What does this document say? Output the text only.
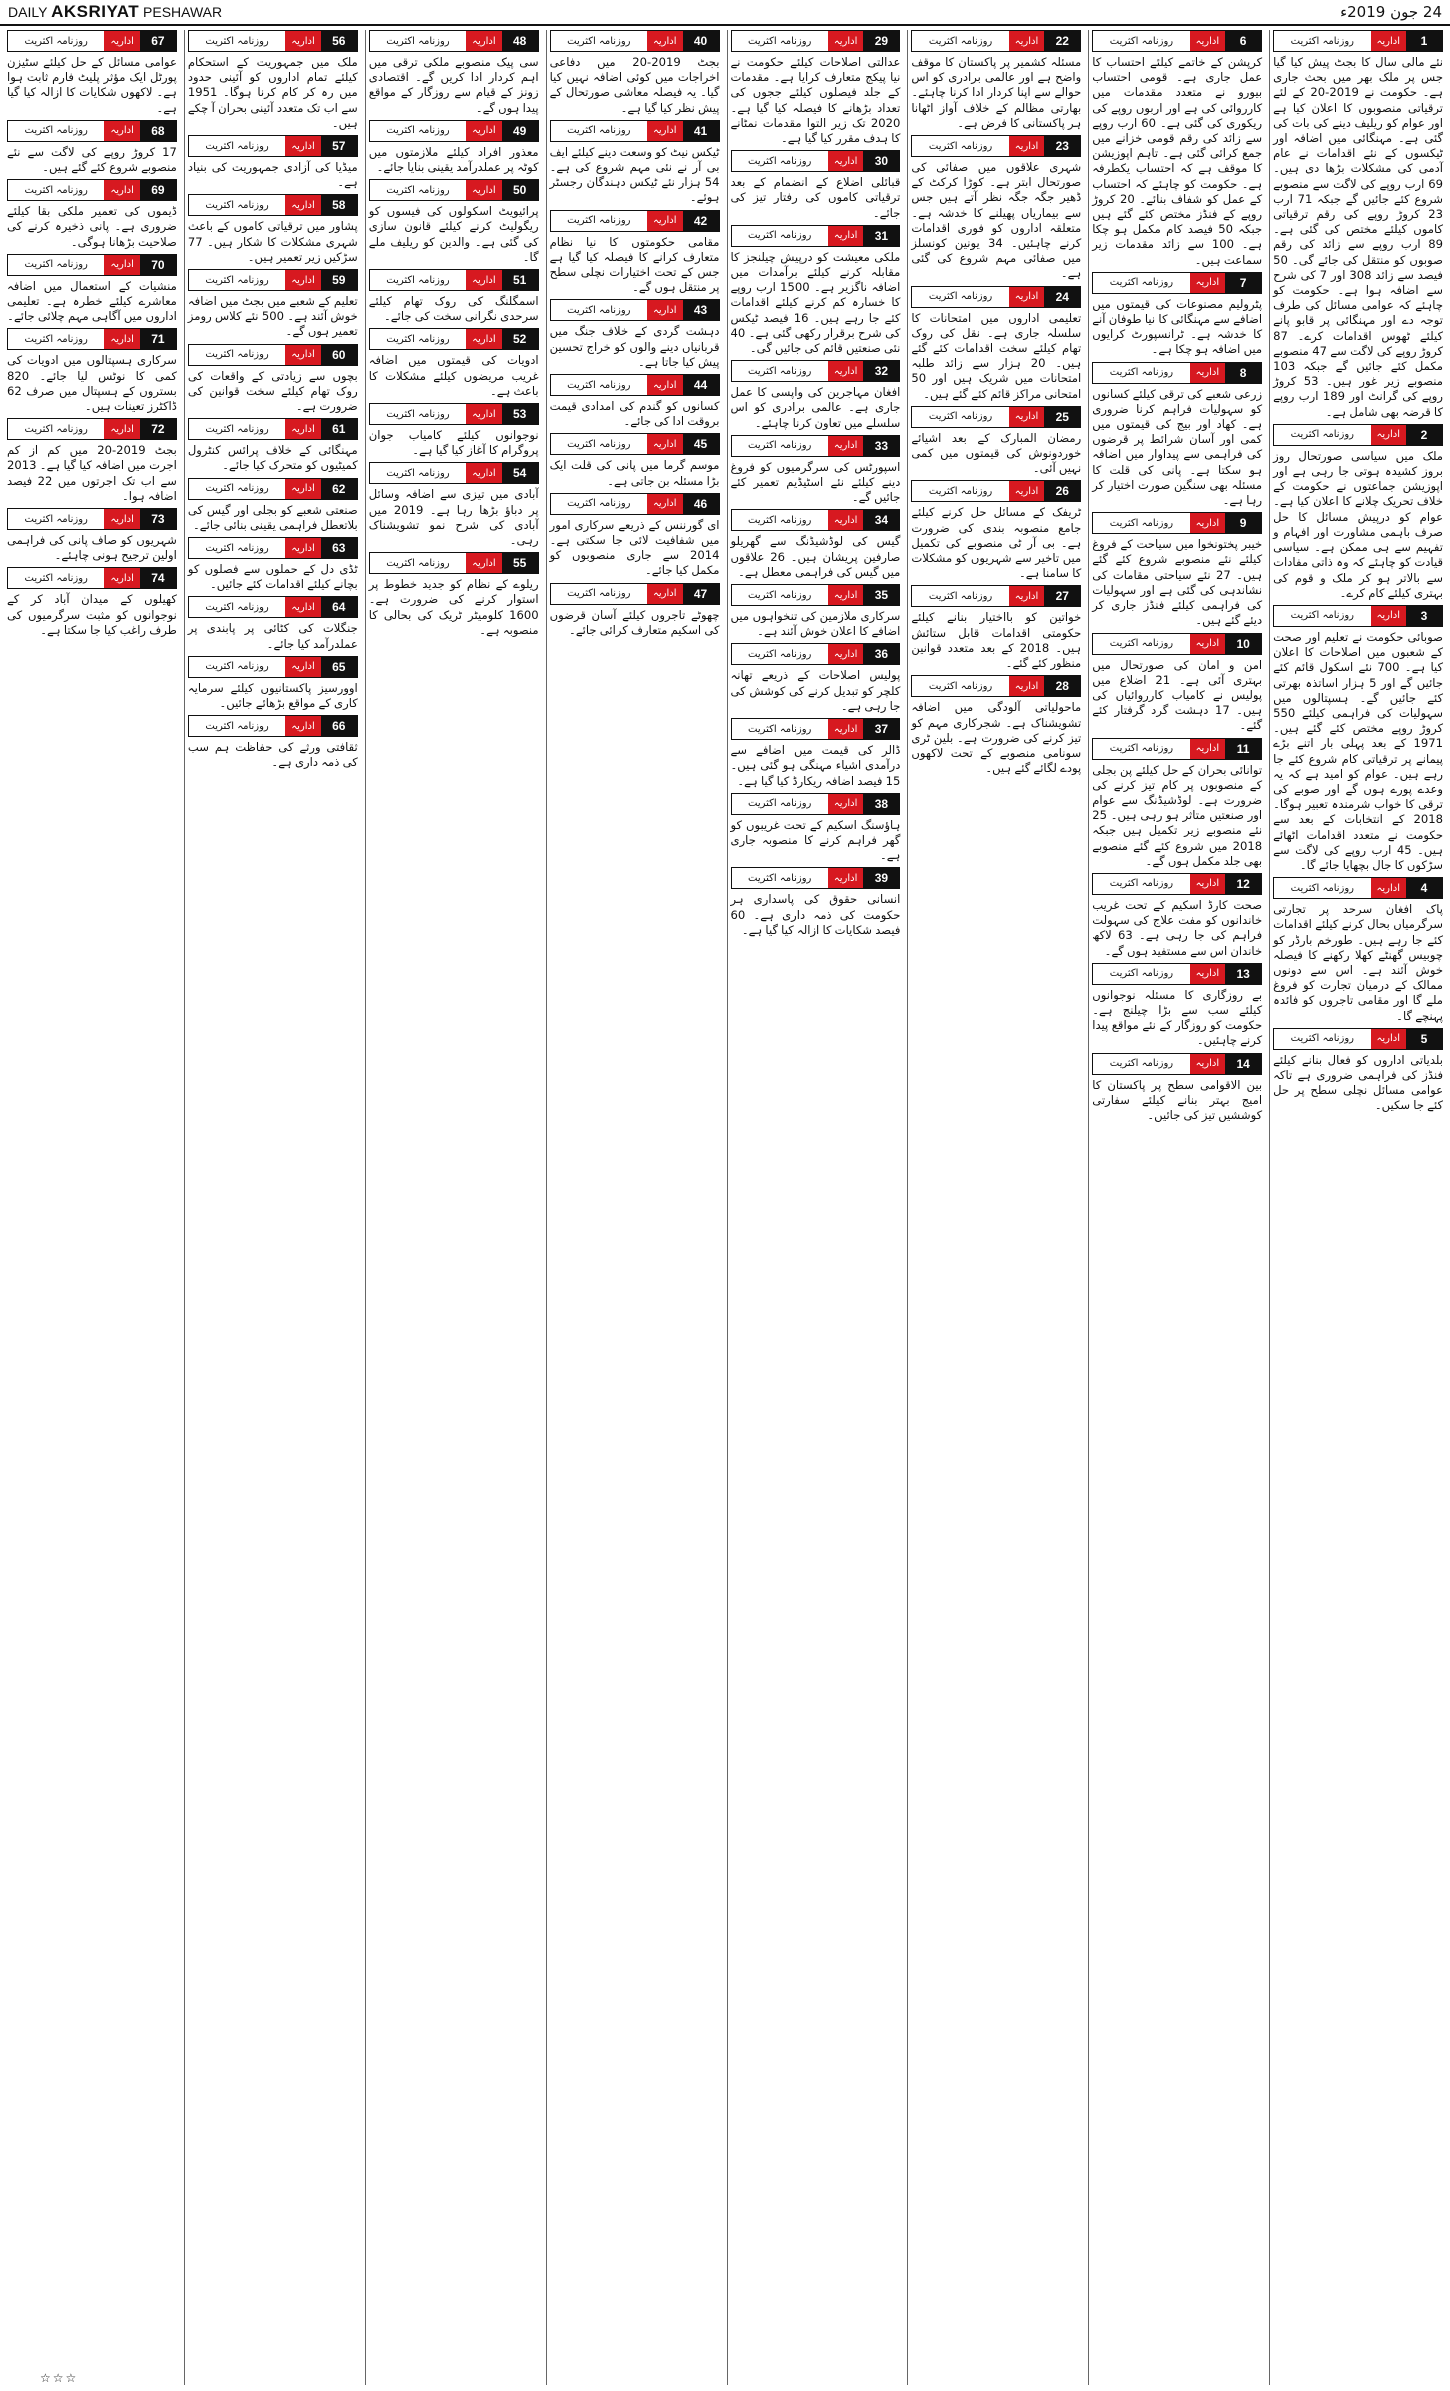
DAILY AKSRIYAT PESHAWAR	24 جون 2019ء
1
اداریہ
روزنامہ اکثریت
نئے مالی سال کا بجٹ پیش کیا گیا جس پر ملک بھر میں بحث جاری ہے۔ حکومت نے 2019-20 کے لئے ترقیاتی منصوبوں کا اعلان کیا ہے اور عوام کو ریلیف دینے کی بات کی گئی ہے۔ مہنگائی میں اضافہ اور ٹیکسوں کے نئے اقدامات نے عام آدمی کی مشکلات بڑھا دی ہیں۔ 69 ارب روپے کی لاگت سے منصوبے شروع کئے جائیں گے جبکہ 71 ارب 23 کروڑ روپے کی رقم ترقیاتی کاموں کیلئے مختص کی گئی ہے۔ 89 ارب روپے سے زائد کی رقم صوبوں کو منتقل کی جائے گی۔ 50 فیصد سے زائد 308 اور 7 کی شرح سے اضافہ ہوا ہے۔ حکومت کو چاہئے کہ عوامی مسائل کی طرف توجہ دے اور مہنگائی پر قابو پانے کیلئے ٹھوس اقدامات کرے۔ 87 کروڑ روپے کی لاگت سے 47 منصوبے مکمل کئے جائیں گے جبکہ 103 منصوبے زیر غور ہیں۔ 53 کروڑ روپے کی گرانٹ اور 189 ارب روپے کا قرضہ بھی شامل ہے۔
2
اداریہ
روزنامہ اکثریت
ملک میں سیاسی صورتحال روز بروز کشیدہ ہوتی جا رہی ہے اور اپوزیشن جماعتوں نے حکومت کے خلاف تحریک چلانے کا اعلان کیا ہے۔ عوام کو درپیش مسائل کا حل صرف باہمی مشاورت اور افہام و تفہیم سے ہی ممکن ہے۔ سیاسی قیادت کو چاہئے کہ وہ ذاتی مفادات سے بالاتر ہو کر ملک و قوم کی بہتری کیلئے کام کرے۔
3
اداریہ
روزنامہ اکثریت
صوبائی حکومت نے تعلیم اور صحت کے شعبوں میں اصلاحات کا اعلان کیا ہے۔ 700 نئے اسکول قائم کئے جائیں گے اور 5 ہزار اساتذہ بھرتی کئے جائیں گے۔ ہسپتالوں میں سہولیات کی فراہمی کیلئے 550 کروڑ روپے مختص کئے گئے ہیں۔ 1971 کے بعد پہلی بار اتنے بڑے پیمانے پر ترقیاتی کام شروع کئے جا رہے ہیں۔ عوام کو امید ہے کہ یہ وعدے پورے ہوں گے اور صوبے کی ترقی کا خواب شرمندہ تعبیر ہوگا۔ 2018 کے انتخابات کے بعد سے حکومت نے متعدد اقدامات اٹھائے ہیں۔ 45 ارب روپے کی لاگت سے سڑکوں کا جال بچھایا جائے گا۔
4
اداریہ
روزنامہ اکثریت
پاک افغان سرحد پر تجارتی سرگرمیاں بحال کرنے کیلئے اقدامات کئے جا رہے ہیں۔ طورخم بارڈر کو چوبیس گھنٹے کھلا رکھنے کا فیصلہ خوش آئند ہے۔ اس سے دونوں ممالک کے درمیان تجارت کو فروغ ملے گا اور مقامی تاجروں کو فائدہ پہنچے گا۔
5
اداریہ
روزنامہ اکثریت
بلدیاتی اداروں کو فعال بنانے کیلئے فنڈز کی فراہمی ضروری ہے تاکہ عوامی مسائل نچلی سطح پر حل کئے جا سکیں۔
6
اداریہ
روزنامہ اکثریت
کرپشن کے خاتمے کیلئے احتساب کا عمل جاری ہے۔ قومی احتساب بیورو نے متعدد مقدمات میں کارروائی کی ہے اور اربوں روپے کی ریکوری کی گئی ہے۔ 60 ارب روپے سے زائد کی رقم قومی خزانے میں جمع کرائی گئی ہے۔ تاہم اپوزیشن کا موقف ہے کہ احتساب یکطرفہ ہے۔ حکومت کو چاہئے کہ احتساب کے عمل کو شفاف بنائے۔ 20 کروڑ روپے کے فنڈز مختص کئے گئے ہیں جبکہ 50 فیصد کام مکمل ہو چکا ہے۔ 100 سے زائد مقدمات زیر سماعت ہیں۔
7
اداریہ
روزنامہ اکثریت
پٹرولیم مصنوعات کی قیمتوں میں اضافے سے مہنگائی کا نیا طوفان آنے کا خدشہ ہے۔ ٹرانسپورٹ کرایوں میں اضافہ ہو چکا ہے۔
8
اداریہ
روزنامہ اکثریت
زرعی شعبے کی ترقی کیلئے کسانوں کو سہولیات فراہم کرنا ضروری ہے۔ کھاد اور بیج کی قیمتوں میں کمی اور آسان شرائط پر قرضوں کی فراہمی سے پیداوار میں اضافہ ہو سکتا ہے۔ پانی کی قلت کا مسئلہ بھی سنگین صورت اختیار کر رہا ہے۔
9
اداریہ
روزنامہ اکثریت
خیبر پختونخوا میں سیاحت کے فروغ کیلئے نئے منصوبے شروع کئے گئے ہیں۔ 27 نئے سیاحتی مقامات کی نشاندہی کی گئی ہے اور سہولیات کی فراہمی کیلئے فنڈز جاری کر دیئے گئے ہیں۔
10
اداریہ
روزنامہ اکثریت
امن و امان کی صورتحال میں بہتری آئی ہے۔ 21 اضلاع میں پولیس نے کامیاب کارروائیاں کی ہیں۔ 17 دہشت گرد گرفتار کئے گئے۔
11
اداریہ
روزنامہ اکثریت
توانائی بحران کے حل کیلئے پن بجلی کے منصوبوں پر کام تیز کرنے کی ضرورت ہے۔ لوڈشیڈنگ سے عوام اور صنعتیں متاثر ہو رہی ہیں۔ 25 نئے منصوبے زیر تکمیل ہیں جبکہ 2018 میں شروع کئے گئے منصوبے بھی جلد مکمل ہوں گے۔
12
اداریہ
روزنامہ اکثریت
صحت کارڈ اسکیم کے تحت غریب خاندانوں کو مفت علاج کی سہولت فراہم کی جا رہی ہے۔ 63 لاکھ خاندان اس سے مستفید ہوں گے۔
13
اداریہ
روزنامہ اکثریت
بے روزگاری کا مسئلہ نوجوانوں کیلئے سب سے بڑا چیلنج ہے۔ حکومت کو روزگار کے نئے مواقع پیدا کرنے چاہئیں۔
14
اداریہ
روزنامہ اکثریت
بین الاقوامی سطح پر پاکستان کا امیج بہتر بنانے کیلئے سفارتی کوششیں تیز کی جائیں۔
22
اداریہ
روزنامہ اکثریت
مسئلہ کشمیر پر پاکستان کا موقف واضح ہے اور عالمی برادری کو اس حوالے سے اپنا کردار ادا کرنا چاہئے۔ بھارتی مظالم کے خلاف آواز اٹھانا ہر پاکستانی کا فرض ہے۔
23
اداریہ
روزنامہ اکثریت
شہری علاقوں میں صفائی کی صورتحال ابتر ہے۔ کوڑا کرکٹ کے ڈھیر جگہ جگہ نظر آتے ہیں جس سے بیماریاں پھیلنے کا خدشہ ہے۔ متعلقہ اداروں کو فوری اقدامات کرنے چاہئیں۔ 34 یونین کونسلز میں صفائی مہم شروع کی گئی ہے۔
24
اداریہ
روزنامہ اکثریت
تعلیمی اداروں میں امتحانات کا سلسلہ جاری ہے۔ نقل کی روک تھام کیلئے سخت اقدامات کئے گئے ہیں۔ 20 ہزار سے زائد طلبہ امتحانات میں شریک ہیں اور 50 امتحانی مراکز قائم کئے گئے ہیں۔
25
اداریہ
روزنامہ اکثریت
رمضان المبارک کے بعد اشیائے خوردونوش کی قیمتوں میں کمی نہیں آئی۔
26
اداریہ
روزنامہ اکثریت
ٹریفک کے مسائل حل کرنے کیلئے جامع منصوبہ بندی کی ضرورت ہے۔ بی آر ٹی منصوبے کی تکمیل میں تاخیر سے شہریوں کو مشکلات کا سامنا ہے۔
27
اداریہ
روزنامہ اکثریت
خواتین کو بااختیار بنانے کیلئے حکومتی اقدامات قابل ستائش ہیں۔ 2018 کے بعد متعدد قوانین منظور کئے گئے۔
28
اداریہ
روزنامہ اکثریت
ماحولیاتی آلودگی میں اضافہ تشویشناک ہے۔ شجرکاری مہم کو تیز کرنے کی ضرورت ہے۔ بلین ٹری سونامی منصوبے کے تحت لاکھوں پودے لگائے گئے ہیں۔
29
اداریہ
روزنامہ اکثریت
عدالتی اصلاحات کیلئے حکومت نے نیا پیکج متعارف کرایا ہے۔ مقدمات کے جلد فیصلوں کیلئے ججوں کی تعداد بڑھانے کا فیصلہ کیا گیا ہے۔ 2020 تک زیر التوا مقدمات نمٹانے کا ہدف مقرر کیا گیا ہے۔
30
اداریہ
روزنامہ اکثریت
قبائلی اضلاع کے انضمام کے بعد ترقیاتی کاموں کی رفتار تیز کی جائے۔
31
اداریہ
روزنامہ اکثریت
ملکی معیشت کو درپیش چیلنجز کا مقابلہ کرنے کیلئے برآمدات میں اضافہ ناگزیر ہے۔ 1500 ارب روپے کا خسارہ کم کرنے کیلئے اقدامات کئے جا رہے ہیں۔ 16 فیصد ٹیکس کی شرح برقرار رکھی گئی ہے۔ 40 نئی صنعتیں قائم کی جائیں گی۔
32
اداریہ
روزنامہ اکثریت
افغان مہاجرین کی واپسی کا عمل جاری ہے۔ عالمی برادری کو اس سلسلے میں تعاون کرنا چاہئے۔
33
اداریہ
روزنامہ اکثریت
اسپورٹس کی سرگرمیوں کو فروغ دینے کیلئے نئے اسٹیڈیم تعمیر کئے جائیں گے۔
34
اداریہ
روزنامہ اکثریت
گیس کی لوڈشیڈنگ سے گھریلو صارفین پریشان ہیں۔ 26 علاقوں میں گیس کی فراہمی معطل ہے۔
35
اداریہ
روزنامہ اکثریت
سرکاری ملازمین کی تنخواہوں میں اضافے کا اعلان خوش آئند ہے۔
36
اداریہ
روزنامہ اکثریت
پولیس اصلاحات کے ذریعے تھانہ کلچر کو تبدیل کرنے کی کوشش کی جا رہی ہے۔
37
اداریہ
روزنامہ اکثریت
ڈالر کی قیمت میں اضافے سے درآمدی اشیاء مہنگی ہو گئی ہیں۔ 15 فیصد اضافہ ریکارڈ کیا گیا ہے۔
38
اداریہ
روزنامہ اکثریت
ہاؤسنگ اسکیم کے تحت غریبوں کو گھر فراہم کرنے کا منصوبہ جاری ہے۔
39
اداریہ
روزنامہ اکثریت
انسانی حقوق کی پاسداری ہر حکومت کی ذمہ داری ہے۔ 60 فیصد شکایات کا ازالہ کیا گیا ہے۔
40
اداریہ
روزنامہ اکثریت
بجٹ 2019-20 میں دفاعی اخراجات میں کوئی اضافہ نہیں کیا گیا۔ یہ فیصلہ معاشی صورتحال کے پیش نظر کیا گیا ہے۔
41
اداریہ
روزنامہ اکثریت
ٹیکس نیٹ کو وسعت دینے کیلئے ایف بی آر نے نئی مہم شروع کی ہے۔ 54 ہزار نئے ٹیکس دہندگان رجسٹر ہوئے۔
42
اداریہ
روزنامہ اکثریت
مقامی حکومتوں کا نیا نظام متعارف کرانے کا فیصلہ کیا گیا ہے جس کے تحت اختیارات نچلی سطح پر منتقل ہوں گے۔
43
اداریہ
روزنامہ اکثریت
دہشت گردی کے خلاف جنگ میں قربانیاں دینے والوں کو خراج تحسین پیش کیا جاتا ہے۔
44
اداریہ
روزنامہ اکثریت
کسانوں کو گندم کی امدادی قیمت بروقت ادا کی جائے۔
45
اداریہ
روزنامہ اکثریت
موسم گرما میں پانی کی قلت ایک بڑا مسئلہ بن جاتی ہے۔
46
اداریہ
روزنامہ اکثریت
ای گورننس کے ذریعے سرکاری امور میں شفافیت لائی جا سکتی ہے۔ 2014 سے جاری منصوبوں کو مکمل کیا جائے۔
47
اداریہ
روزنامہ اکثریت
چھوٹے تاجروں کیلئے آسان قرضوں کی اسکیم متعارف کرائی جائے۔
48
اداریہ
روزنامہ اکثریت
سی پیک منصوبے ملکی ترقی میں اہم کردار ادا کریں گے۔ اقتصادی زونز کے قیام سے روزگار کے مواقع پیدا ہوں گے۔
49
اداریہ
روزنامہ اکثریت
معذور افراد کیلئے ملازمتوں میں کوٹہ پر عملدرآمد یقینی بنایا جائے۔
50
اداریہ
روزنامہ اکثریت
پرائیویٹ اسکولوں کی فیسوں کو ریگولیٹ کرنے کیلئے قانون سازی کی گئی ہے۔ والدین کو ریلیف ملے گا۔
51
اداریہ
روزنامہ اکثریت
اسمگلنگ کی روک تھام کیلئے سرحدی نگرانی سخت کی جائے۔
52
اداریہ
روزنامہ اکثریت
ادویات کی قیمتوں میں اضافہ غریب مریضوں کیلئے مشکلات کا باعث ہے۔
53
اداریہ
روزنامہ اکثریت
نوجوانوں کیلئے کامیاب جوان پروگرام کا آغاز کیا گیا ہے۔
54
اداریہ
روزنامہ اکثریت
آبادی میں تیزی سے اضافہ وسائل پر دباؤ بڑھا رہا ہے۔ 2019 میں آبادی کی شرح نمو تشویشناک رہی۔
55
اداریہ
روزنامہ اکثریت
ریلوے کے نظام کو جدید خطوط پر استوار کرنے کی ضرورت ہے۔ 1600 کلومیٹر ٹریک کی بحالی کا منصوبہ ہے۔
56
اداریہ
روزنامہ اکثریت
ملک میں جمہوریت کے استحکام کیلئے تمام اداروں کو آئینی حدود میں رہ کر کام کرنا ہوگا۔ 1951 سے اب تک متعدد آئینی بحران آ چکے ہیں۔
57
اداریہ
روزنامہ اکثریت
میڈیا کی آزادی جمہوریت کی بنیاد ہے۔
58
اداریہ
روزنامہ اکثریت
پشاور میں ترقیاتی کاموں کے باعث شہری مشکلات کا شکار ہیں۔ 77 سڑکیں زیر تعمیر ہیں۔
59
اداریہ
روزنامہ اکثریت
تعلیم کے شعبے میں بجٹ میں اضافہ خوش آئند ہے۔ 500 نئے کلاس رومز تعمیر ہوں گے۔
60
اداریہ
روزنامہ اکثریت
بچوں سے زیادتی کے واقعات کی روک تھام کیلئے سخت قوانین کی ضرورت ہے۔
61
اداریہ
روزنامہ اکثریت
مہنگائی کے خلاف پرائس کنٹرول کمیٹیوں کو متحرک کیا جائے۔
62
اداریہ
روزنامہ اکثریت
صنعتی شعبے کو بجلی اور گیس کی بلاتعطل فراہمی یقینی بنائی جائے۔
63
اداریہ
روزنامہ اکثریت
ٹڈی دل کے حملوں سے فصلوں کو بچانے کیلئے اقدامات کئے جائیں۔
64
اداریہ
روزنامہ اکثریت
جنگلات کی کٹائی پر پابندی پر عملدرآمد کیا جائے۔
65
اداریہ
روزنامہ اکثریت
اوورسیز پاکستانیوں کیلئے سرمایہ کاری کے مواقع بڑھائے جائیں۔
66
اداریہ
روزنامہ اکثریت
ثقافتی ورثے کی حفاظت ہم سب کی ذمہ داری ہے۔
67
اداریہ
روزنامہ اکثریت
عوامی مسائل کے حل کیلئے سٹیزن پورٹل ایک مؤثر پلیٹ فارم ثابت ہوا ہے۔ لاکھوں شکایات کا ازالہ کیا گیا ہے۔
68
اداریہ
روزنامہ اکثریت
17 کروڑ روپے کی لاگت سے نئے منصوبے شروع کئے گئے ہیں۔
69
اداریہ
روزنامہ اکثریت
ڈیموں کی تعمیر ملکی بقا کیلئے ضروری ہے۔ پانی ذخیرہ کرنے کی صلاحیت بڑھانا ہوگی۔
70
اداریہ
روزنامہ اکثریت
منشیات کے استعمال میں اضافہ معاشرے کیلئے خطرہ ہے۔ تعلیمی اداروں میں آگاہی مہم چلائی جائے۔
71
اداریہ
روزنامہ اکثریت
سرکاری ہسپتالوں میں ادویات کی کمی کا نوٹس لیا جائے۔ 820 بستروں کے ہسپتال میں صرف 62 ڈاکٹرز تعینات ہیں۔
72
اداریہ
روزنامہ اکثریت
بجٹ 2019-20 میں کم از کم اجرت میں اضافہ کیا گیا ہے۔ 2013 سے اب تک اجرتوں میں 22 فیصد اضافہ ہوا۔
73
اداریہ
روزنامہ اکثریت
شہریوں کو صاف پانی کی فراہمی اولین ترجیح ہونی چاہئے۔
74
اداریہ
روزنامہ اکثریت
کھیلوں کے میدان آباد کر کے نوجوانوں کو مثبت سرگرمیوں کی طرف راغب کیا جا سکتا ہے۔
☆☆☆
